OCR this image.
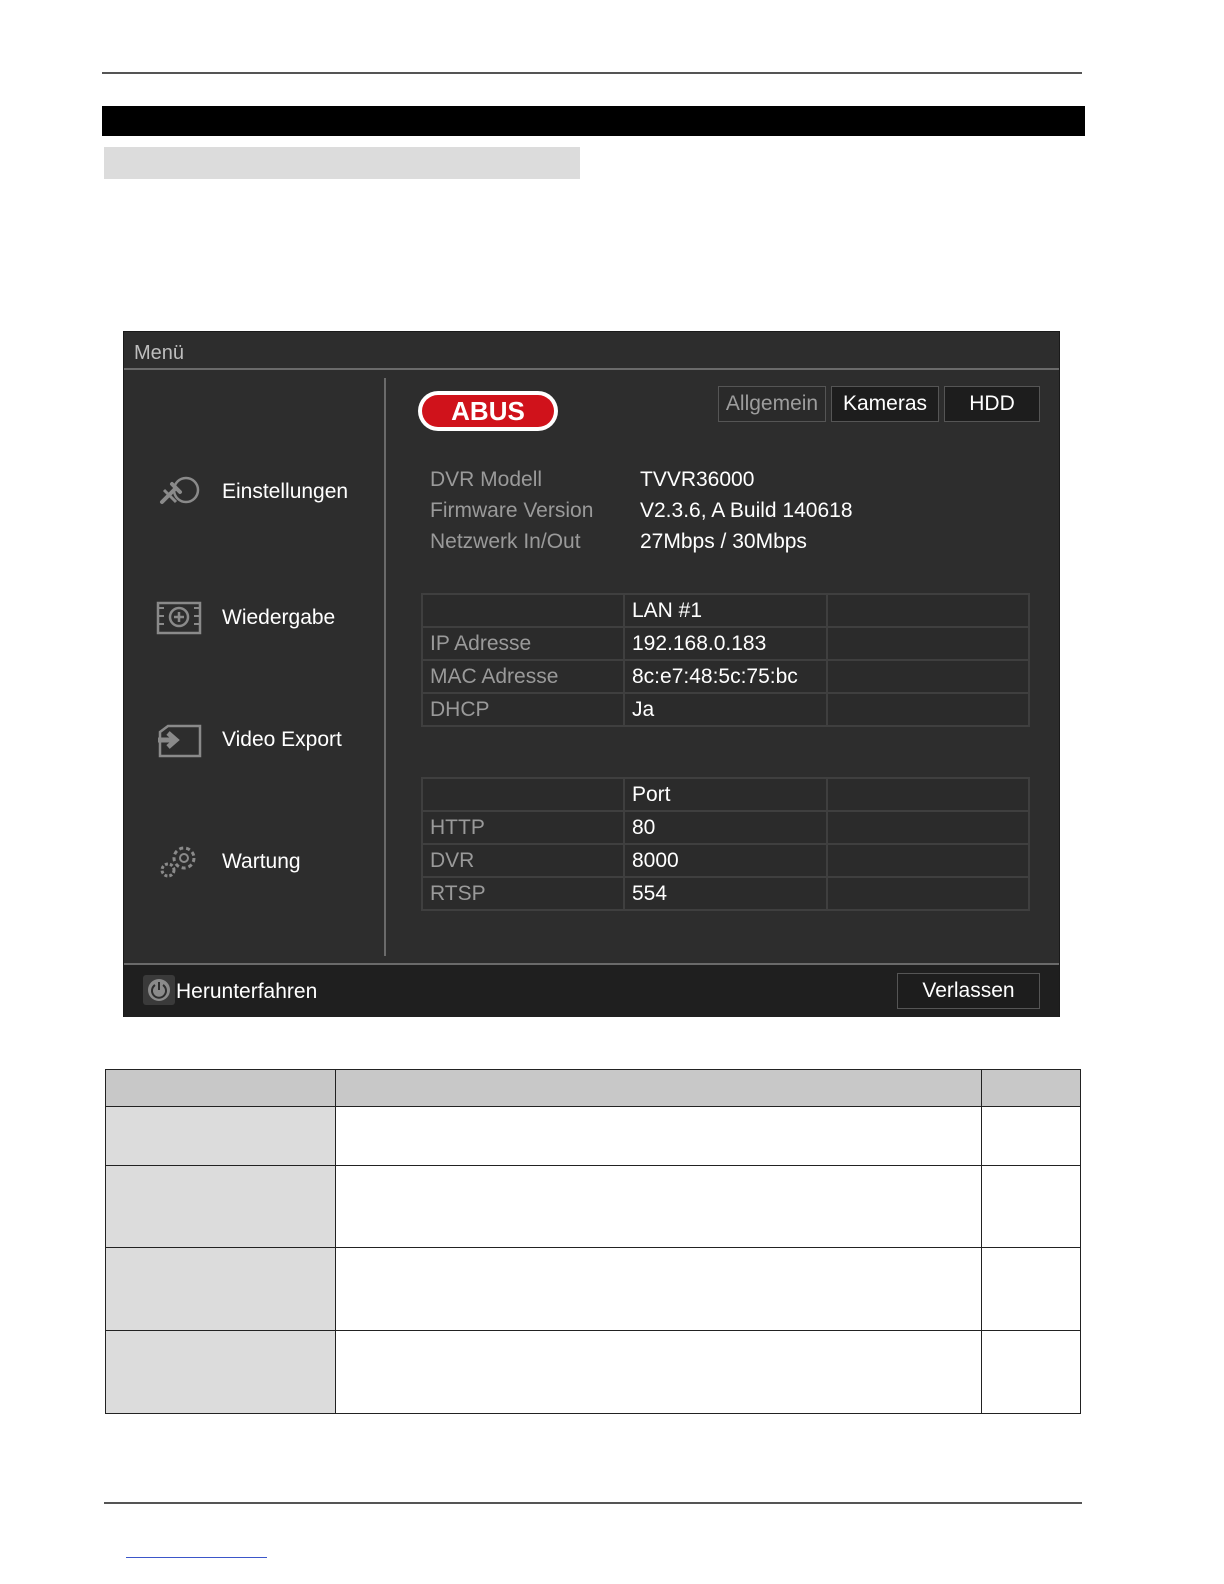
Menü
Einstellungen
Wiedergabe
Video Export
Wartung
ABUS	Allgemein	Kameras	HDD
DVR Modell	TVVR36000
Firmware Version V2.3.6, A Build 140618
Netzwerk In/Out	27Mbps / 30Mbps
	LAN #1	
IP Adresse	192.168.0.183	
MAC Adresse	8c:e7:48:5c:75:bc	
DHCP	Ja	
	Port	
HTTP	80	
DVR	8000	
RTSP	554	
Herunterfahren	Verlassen
